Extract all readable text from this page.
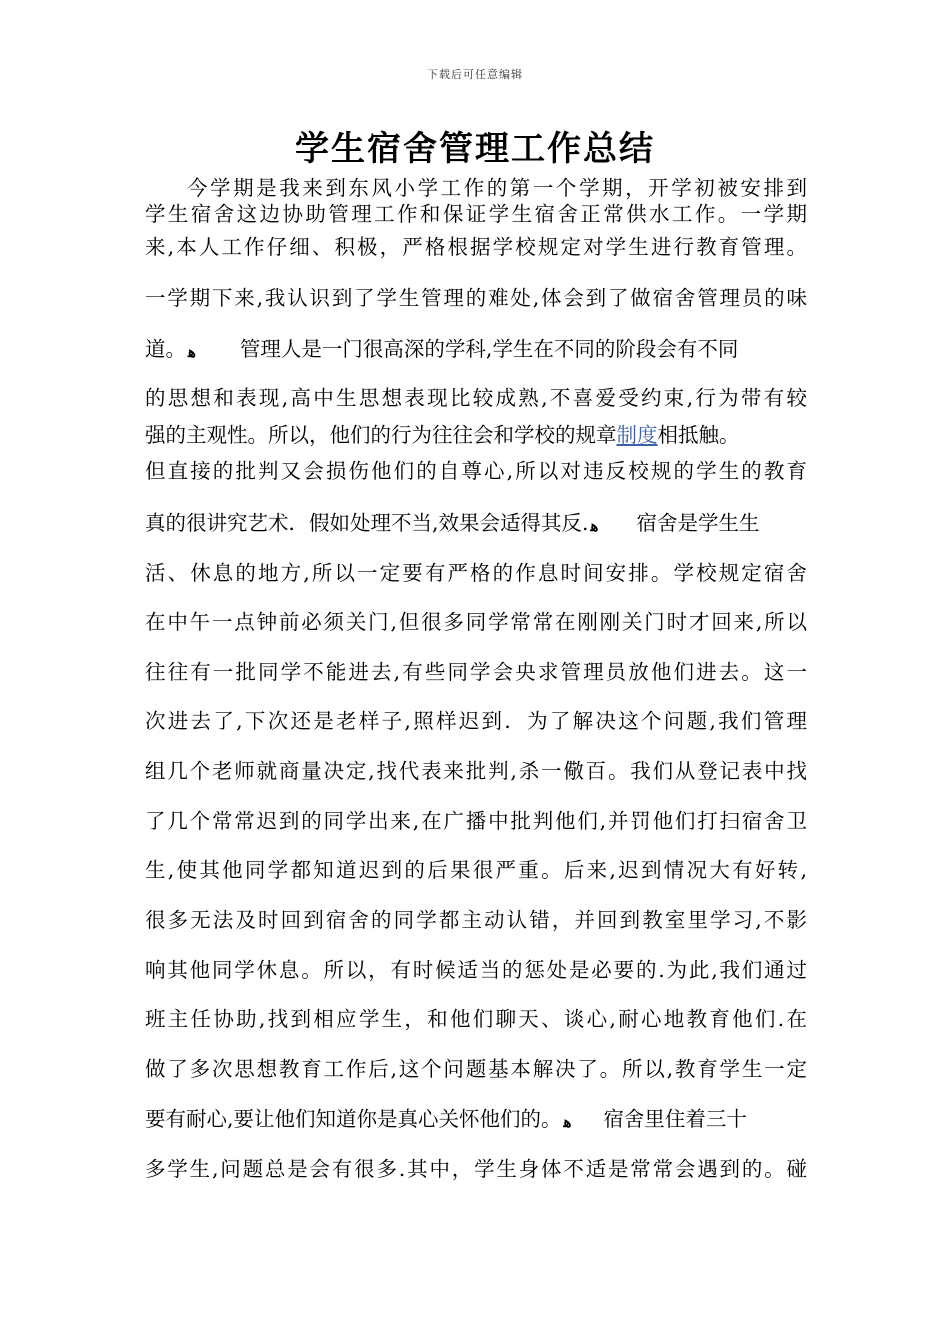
下载后可任意编辑
学生宿舍管理工作总结
今学期是我来到东风小学工作的第一个学期，开学初被安排到
学生宿舍这边协助管理工作和保证学生宿舍正常供水工作。一学期
来,本人工作仔细、积极，严格根据学校规定对学生进行教育管理。
一学期下来,我认识到了学生管理的难处,体会到了做宿舍管理员的味
道。 ﻫ 管理人是一门很高深的学科,学生在不同的阶段会有不同
的思想和表现,高中生思想表现比较成熟,不喜爱受约束,行为带有较
强的主观性。所以，他们的行为往往会和学校的规章制度相抵触。
但直接的批判又会损伤他们的自尊心,所以对违反校规的学生的教育
真的很讲究艺术．假如处理不当,效果会适得其反. ﻫ 宿舍是学生生
活、休息的地方,所以一定要有严格的作息时间安排。学校规定宿舍
在中午一点钟前必须关门,但很多同学常常在刚刚关门时才回来,所以
往往有一批同学不能进去,有些同学会央求管理员放他们进去。这一
次进去了,下次还是老样子,照样迟到．为了解决这个问题,我们管理
组几个老师就商量决定,找代表来批判,杀一儆百。我们从登记表中找
了几个常常迟到的同学出来,在广播中批判他们,并罚他们打扫宿舍卫
生,使其他同学都知道迟到的后果很严重。后来,迟到情况大有好转,
很多无法及时回到宿舍的同学都主动认错，并回到教室里学习,不影
响其他同学休息。所以，有时候适当的惩处是必要的.为此,我们通过
班主任协助,找到相应学生，和他们聊天、谈心,耐心地教育他们.在
做了多次思想教育工作后,这个问题基本解决了。所以,教育学生一定
要有耐心,要让他们知道你是真心关怀他们的。 ﻫ 宿舍里住着三十
多学生,问题总是会有很多.其中，学生身体不适是常常会遇到的。碰
